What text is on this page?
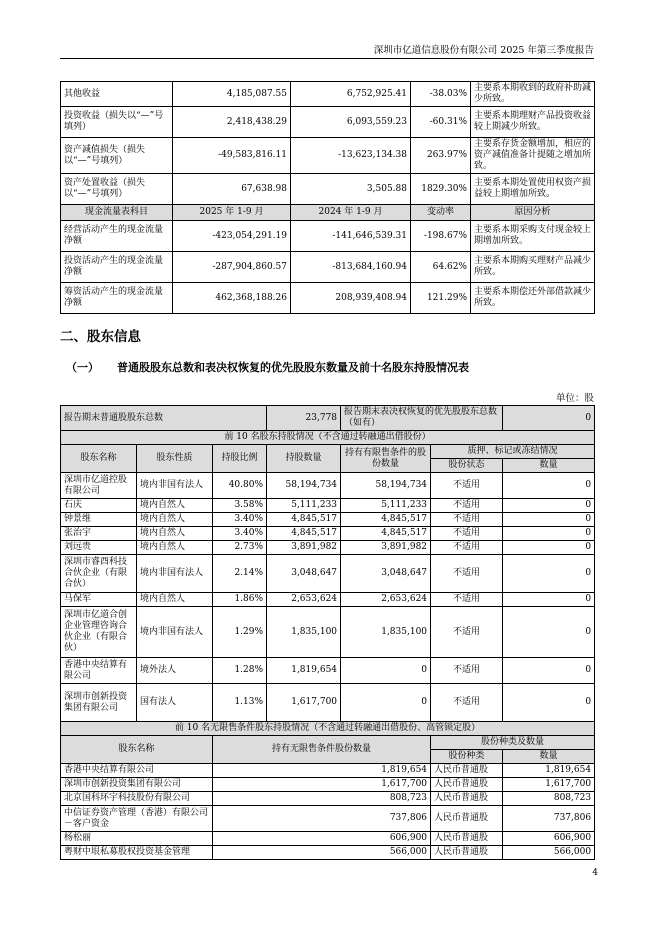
深圳市亿道信息股份有限公司 2025 年第三季度报告
其他收益	4,185,087.55	6,752,925.41	-38.03%	主要系本期收到的政府补助减少所致。
投资收益（损失以“—”号填列）	2,418,438.29	6,093,559.23	-60.31%	主要系本期理财产品投资收益较上期减少所致。
资产减值损失（损失以“—”号填列）	-49,583,816.11	-13,623,134.38	263.97%	主要系存货金额增加，相应的资产减值准备计提随之增加所致。
资产处置收益（损失以“—”号填列）	67,638.98	3,505.88	1829.30%	主要系本期处置使用权资产损益较上期增加所致。
现金流量表科目	2025 年 1-9 月	2024 年 1-9 月	变动率	原因分析
经营活动产生的现金流量净额	-423,054,291.19	-141,646,539.31	-198.67%	主要系本期采购支付现金较上期增加所致。
投资活动产生的现金流量净额	-287,904,860.57	-813,684,160.94	64.62%	主要系本期购买理财产品减少所致。
筹资活动产生的现金流量净额	462,368,188.26	208,939,408.94	121.29%	主要系本期偿还外部借款减少所致。
二、股东信息
（一） 普通股股东总数和表决权恢复的优先股股东数量及前十名股东持股情况表
单位：股
报告期末普通股股东总数			23,778	报告期末表决权恢复的优先股股东总数（如有）		0
前 10 名股东持股情况（不含通过转融通出借股份）						
股东名称	股东性质	持股比例	持股数量	持有有限售条件的股份数量	质押、标记或冻结情况	
					股份状态	数量
深圳市亿道控股有限公司	境内非国有法人	40.80%	58,194,734	58,194,734	不适用	0
石庆	境内自然人	3.58%	5,111,233	5,111,233	不适用	0
钟景维	境内自然人	3.40%	4,845,517	4,845,517	不适用	0
张治宇	境内自然人	3.40%	4,845,517	4,845,517	不适用	0
刘远贵	境内自然人	2.73%	3,891,982	3,891,982	不适用	0
深圳市睿酉科技合伙企业（有限合伙）	境内非国有法人	2.14%	3,048,647	3,048,647	不适用	0
马保军	境内自然人	1.86%	2,653,624	2,653,624	不适用	0
深圳市亿道合创企业管理咨询合伙企业（有限合伙）	境内非国有法人	1.29%	1,835,100	1,835,100	不适用	0
香港中央结算有限公司	境外法人	1.28%	1,819,654	0	不适用	0
深圳市创新投资集团有限公司	国有法人	1.13%	1,617,700	0	不适用	0
前 10 名无限售条件股东持股情况（不含通过转融通出借股份、高管锁定股）						
股东名称		持有无限售条件股份数量			股份种类及数量	
					股份种类	数量
香港中央结算有限公司		1,819,654			人民币普通股	1,819,654
深圳市创新投资集团有限公司		1,617,700			人民币普通股	1,617,700
北京国科环宇科技股份有限公司		808,723			人民币普通股	808,723
中信证券资产管理（香港）有限公司－客户资金		737,806			人民币普通股	737,806
杨松丽		606,900			人民币普通股	606,900
粤财中垠私募股权投资基金管理		566,000			人民币普通股	566,000
4
